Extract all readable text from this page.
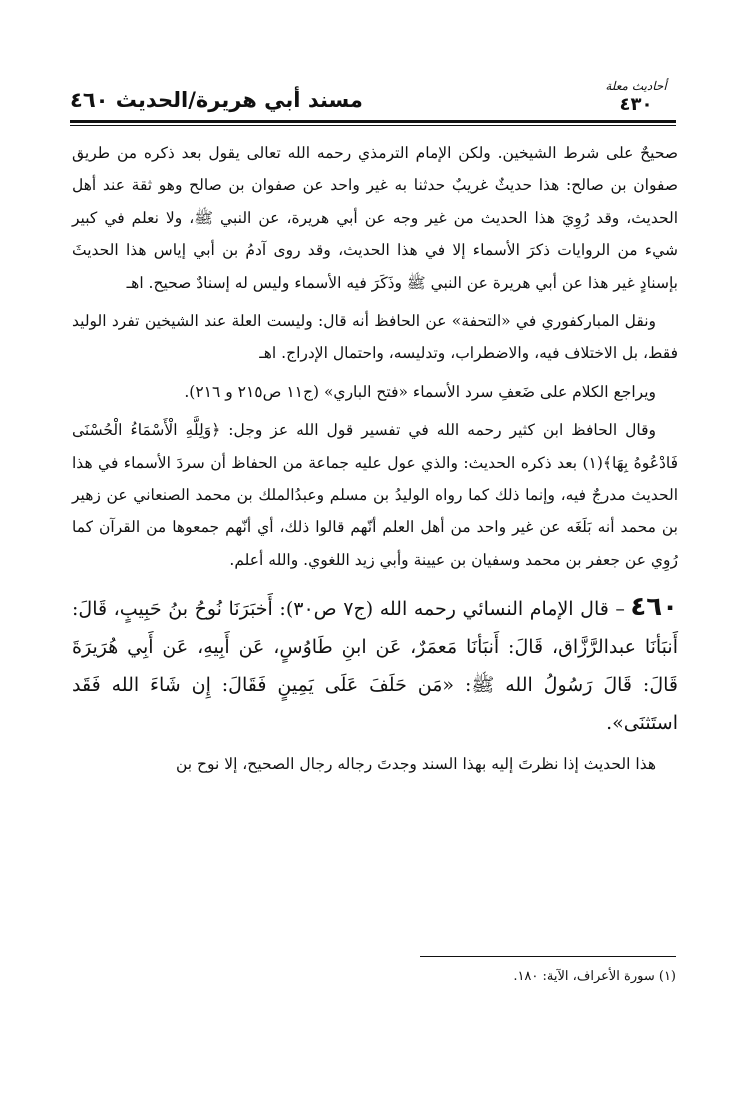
أحاديث معلة
٤٣٠
مسند أبي هريرة/الحديث ٤٦٠

صحيحٌ على شرط الشيخين. ولكن الإمام الترمذي رحمه الله تعالى يقول بعد ذكره من طريق صفوان بن صالح: هذا حديثٌ غريبٌ حدثنا به غير واحد عن صفوان بن صالح وهو ثقة عند أهل الحديث، وقد رُوِيَ هذا الحديث من غير وجه عن أبي هريرة، عن النبي ﷺ، ولا نعلم في كبير شيء من الروايات ذكرَ الأسماء إلا في هذا الحديث، وقد روى آدمُ بن أبي إياس هذا الحديثَ بإسنادٍ غير هذا عن أبي هريرة عن النبي ﷺ وذَكَرَ فيه الأسماء وليس له إسنادٌ صحيح. اهـ

ونقل المباركفوري في «التحفة» عن الحافظ أنه قال: وليست العلة عند الشيخين تفرد الوليد فقط، بل الاختلاف فيه، والاضطراب، وتدليسه، واحتمال الإدراج. اهـ

ويراجع الكلام على ضَعفِ سرد الأسماء «فتح الباري» (ج١١ ص٢١٥ و ٢١٦).

وقال الحافظ ابن كثير رحمه الله في تفسير قول الله عز وجل: ﴿وَلِلَّهِ الْأَسْمَاءُ الْحُسْنَى فَادْعُوهُ بِهَا﴾(١) بعد ذكره الحديث: والذي عول عليه جماعة من الحفاظ أن سردَ الأسماء في هذا الحديث مدرجٌ فيه، وإنما ذلك كما رواه الوليدُ بن مسلم وعبدُالملك بن محمد الصنعاني عن زهير بن محمد أنه بَلَغَه عن غير واحد من أهل العلم أنّهم قالوا ذلك، أي أنّهم جمعوها من القرآن كما رُوِي عن جعفر بن محمد وسفيان بن عيينة وأبي زيد اللغوي. والله أعلم.

٤٦٠ – قال الإمام النسائي رحمه الله (ج٧ ص٣٠): أَخبَرَنَا نُوحُ بنُ حَبِيبٍ، قَالَ: أَنبَأنَا عبدالرَّزَّاق، قَالَ: أَنبَأنَا مَعمَرٌ، عَن ابنِ طَاوُسٍ، عَن أَبِيهِ، عَن أَبِي هُرَيرَةَ قَالَ: قَالَ رَسُولُ الله ﷺ: «مَن حَلَفَ عَلَى يَمِينٍ فَقَالَ: إِن شَاءَ الله فَقَد استَثنَى».

هذا الحديث إذا نظرتَ إليه بهذا السند وجدتَ رجاله رجال الصحيح، إلا نوح بن

(١) سورة الأعراف، الآية: ١٨٠.
